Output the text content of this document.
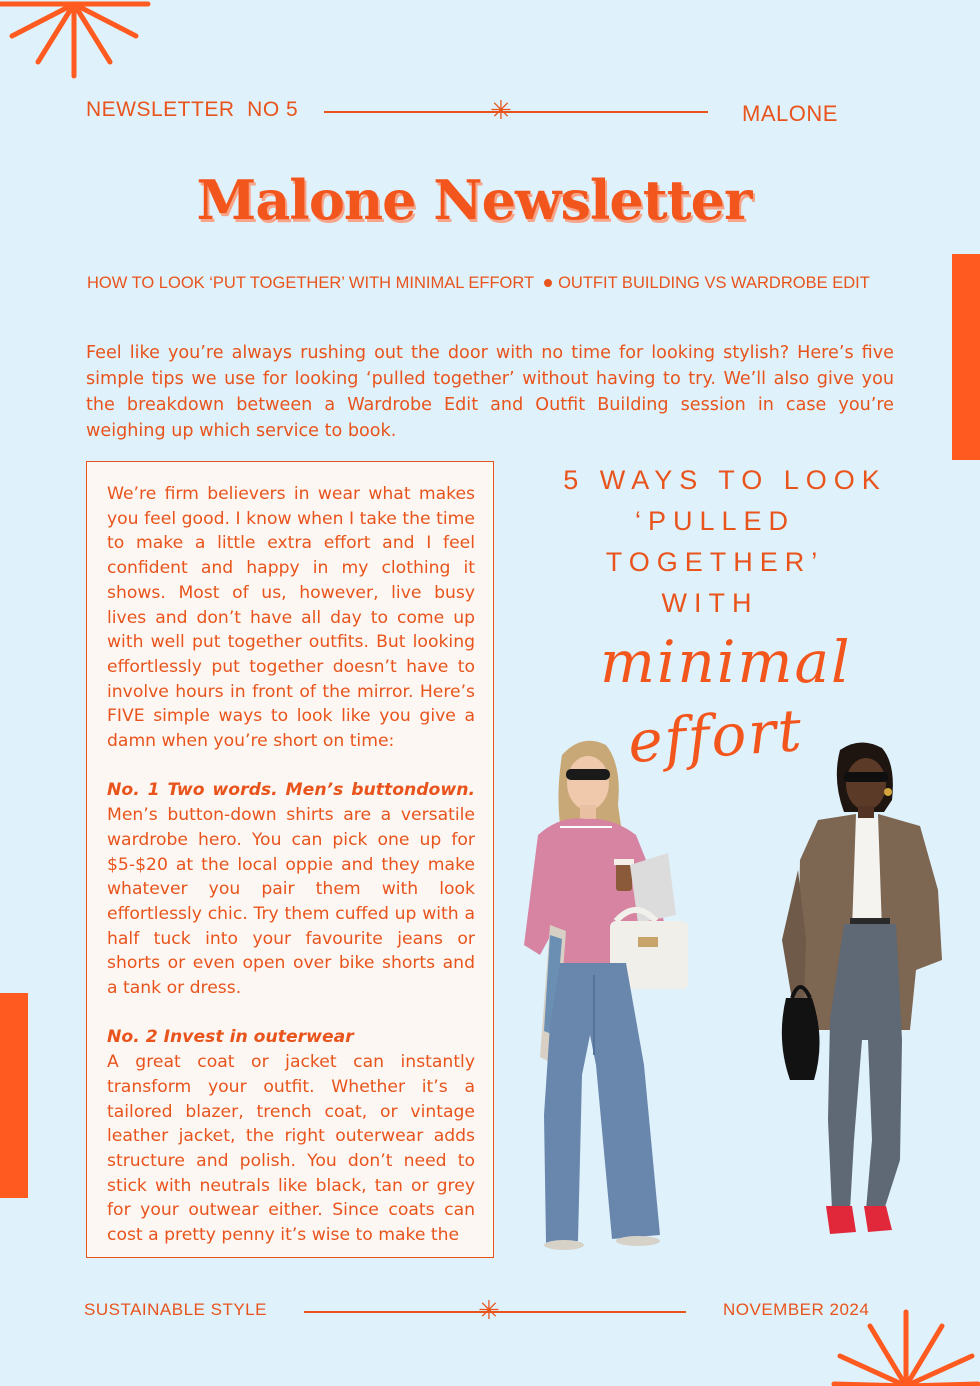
NEWSLETTER  NO 5	✳	MALONE
Malone Newsletter
HOW TO LOOK ‘PUT TOGETHER’ WITH MINIMAL EFFORT OUTFIT BUILDING VS WARDROBE EDIT
Feel like you’re always rushing out the door with no time for looking stylish? Here’s five simple tips we use for looking ‘pulled together’ without having to try. We’ll also give you the breakdown between a Wardrobe Edit and Outfit Building session in case you’re weighing up which service to book.

We’re firm believers in wear what makes you feel good. I know when I take the time to make a little extra effort and I feel confident and happy in my clothing it shows. Most of us, however, live busy lives and don’t have all day to come up with well put together outfits. But looking effortlessly put together doesn’t have to involve hours in front of the mirror. Here’s FIVE simple ways to look like you give a damn when you’re short on time:

No. 1 Two words. Men’s buttondown. Men’s button-down shirts are a versatile wardrobe hero. You can pick one up for $5-$20 at the local oppie and they make whatever you pair them with look effortlessly chic. Try them cuffed up with a half tuck into your favourite jeans or shorts or even open over bike shorts and a tank or dress.

No. 2 Invest in outerwear
A great coat or jacket can instantly transform your outfit. Whether it’s a tailored blazer, trench coat, or vintage leather jacket, the right outerwear adds structure and polish. You don’t need to stick with neutrals like black, tan or grey for your outwear either. Since coats can cost a pretty penny it’s wise to make the

5 WAYS TO LOOK
‘PULLED
TOGETHER’
WITH
minimal
effort
SUSTAINABLE STYLE	✳	NOVEMBER 2024
